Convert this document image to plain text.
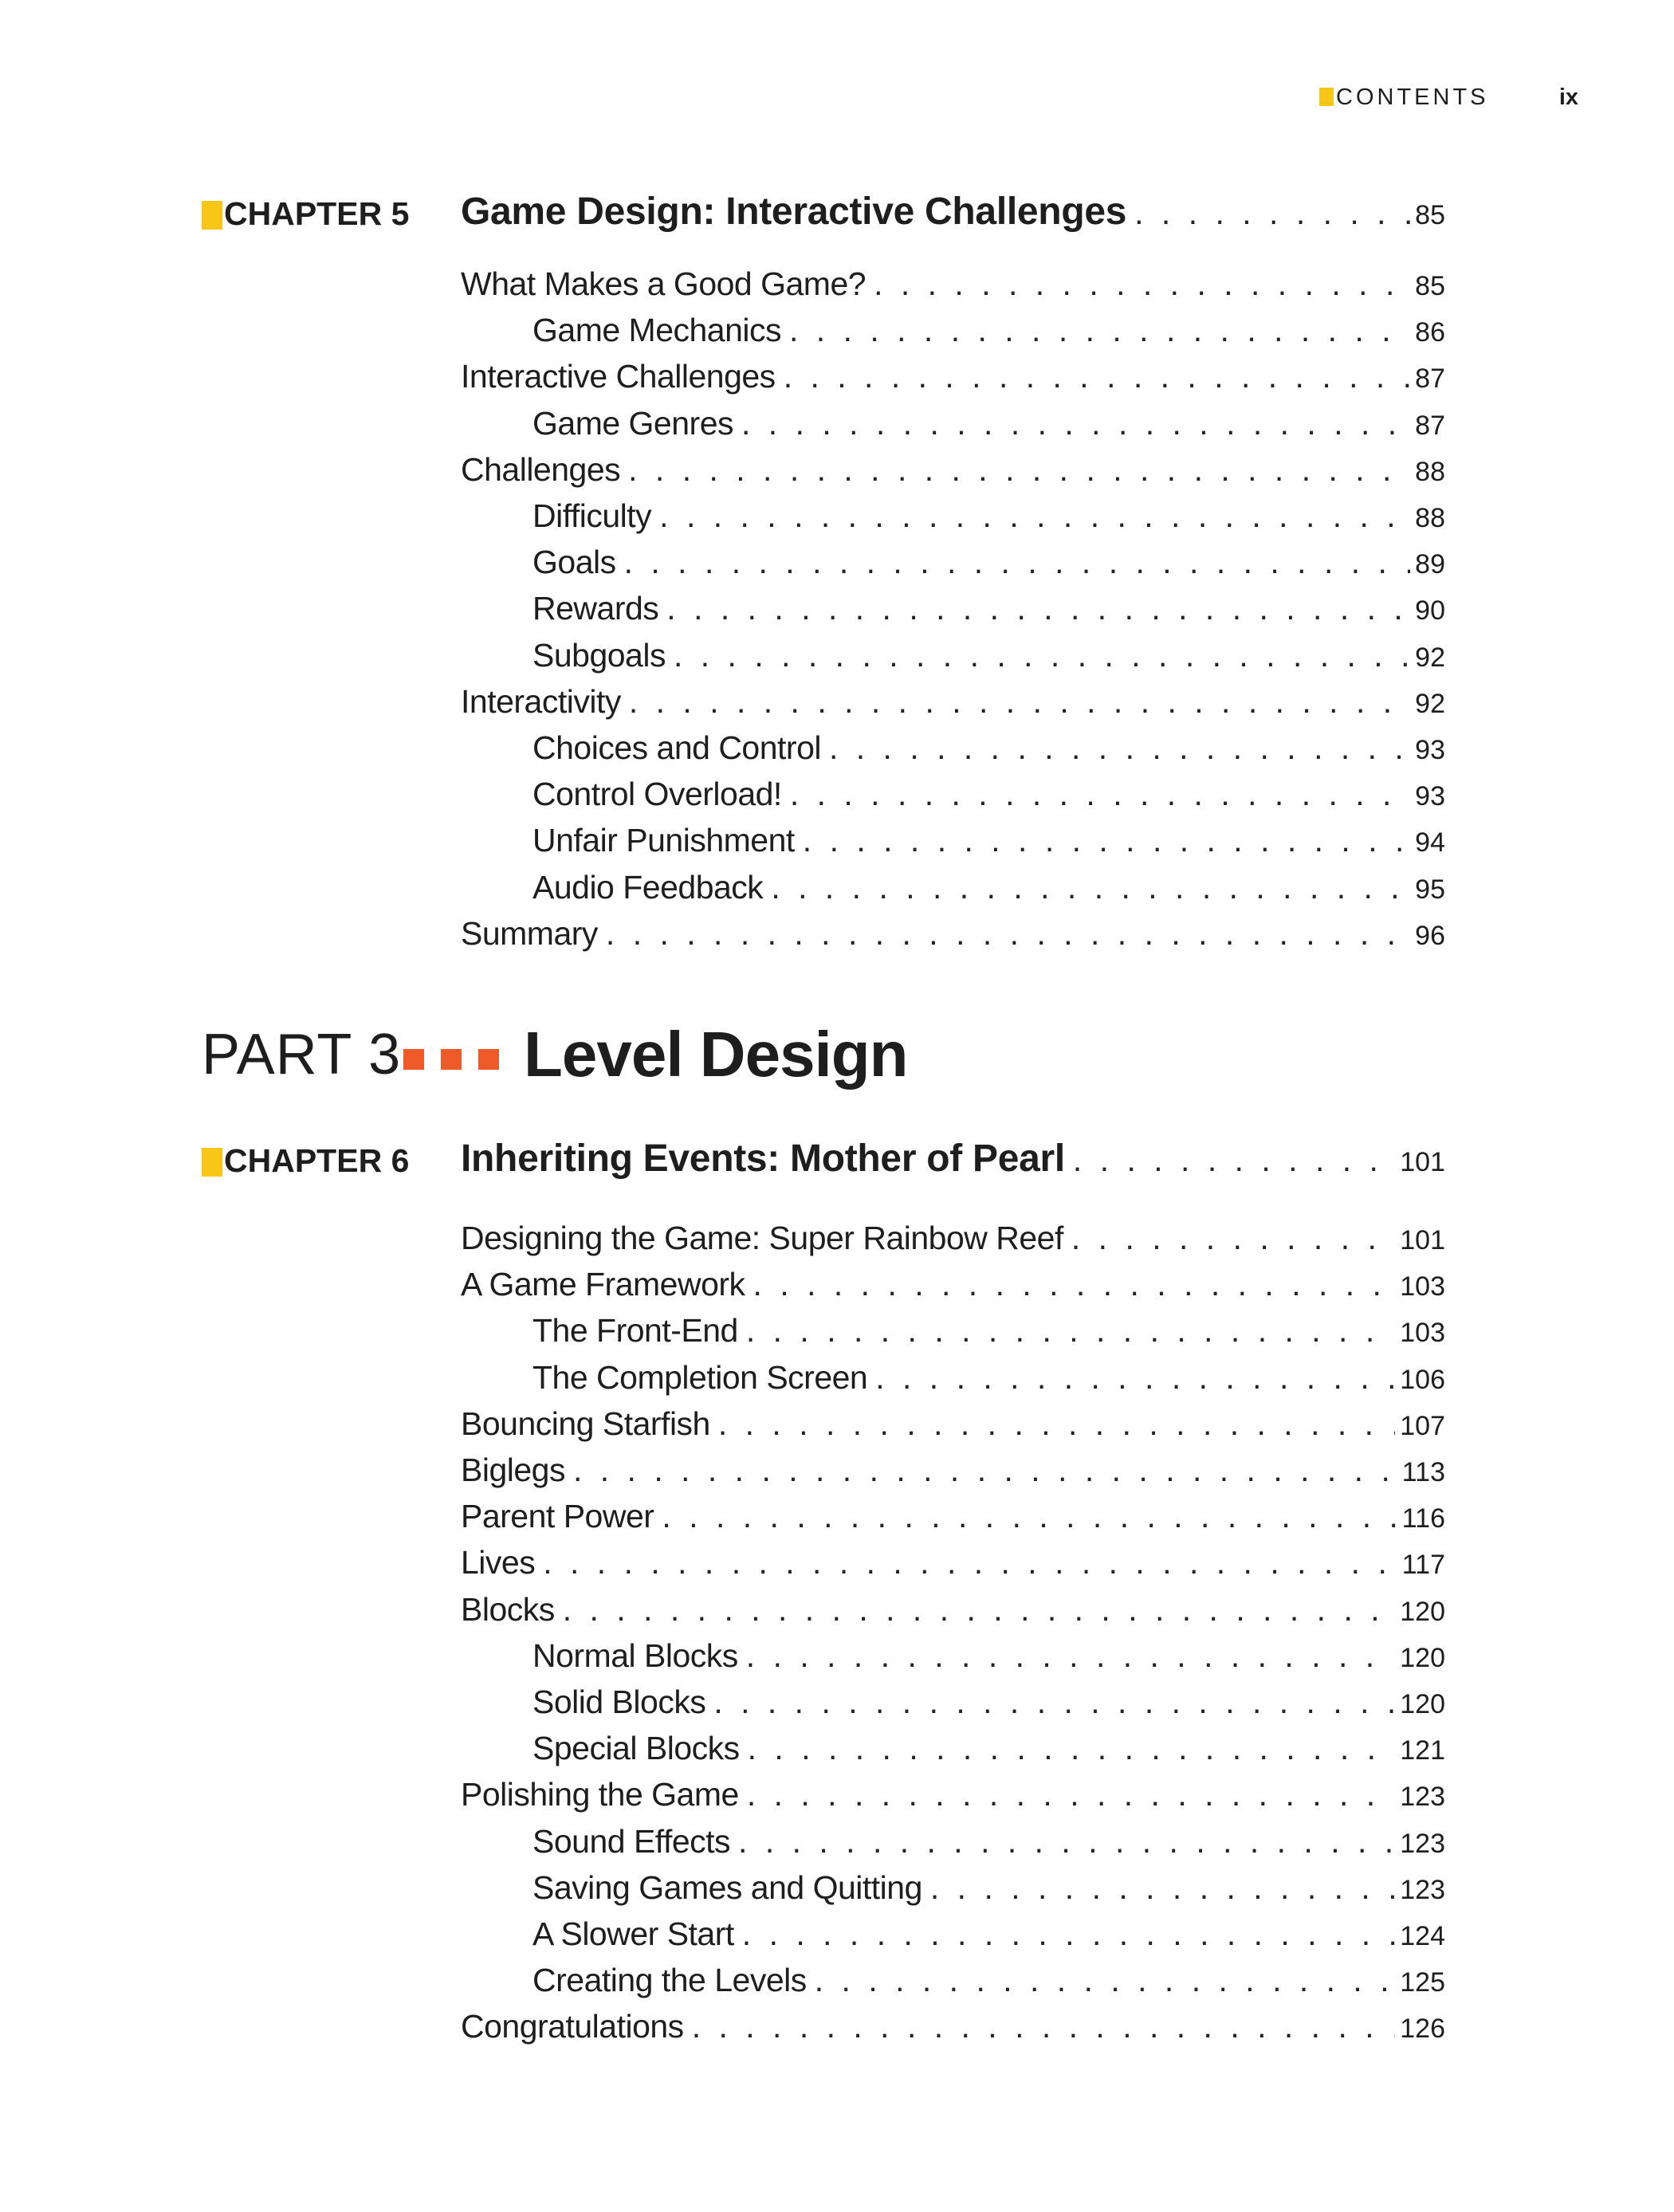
CONTENTS	ix
CHAPTER 5 Game Design: Interactive Challenges . . .	85
What Makes a Good Game? . . .	85
Game Mechanics . . .	86
Interactive Challenges . . .	87
Game Genres . . .	87
Challenges . . .	88
Difficulty . . .	88
Goals . . .	89
Rewards . . .	90
Subgoals . . .	92
Interactivity . . .	92
Choices and Control . . .	93
Control Overload! . . .	93
Unfair Punishment . . .	94
Audio Feedback . . .	95
Summary . . .	96
PART 3 Level Design
CHAPTER 6 Inheriting Events: Mother of Pearl . . .	101
Designing the Game: Super Rainbow Reef . . .	101
A Game Framework . . .	103
The Front-End . . .	103
The Completion Screen . . .	106
Bouncing Starfish . . .	107
Biglegs . . .	113
Parent Power . . .	116
Lives . . .	117
Blocks . . .	120
Normal Blocks . . .	120
Solid Blocks . . .	120
Special Blocks . . .	121
Polishing the Game . . .	123
Sound Effects . . .	123
Saving Games and Quitting . . .	123
A Slower Start . . .	124
Creating the Levels . . .	125
Congratulations . . .	126
